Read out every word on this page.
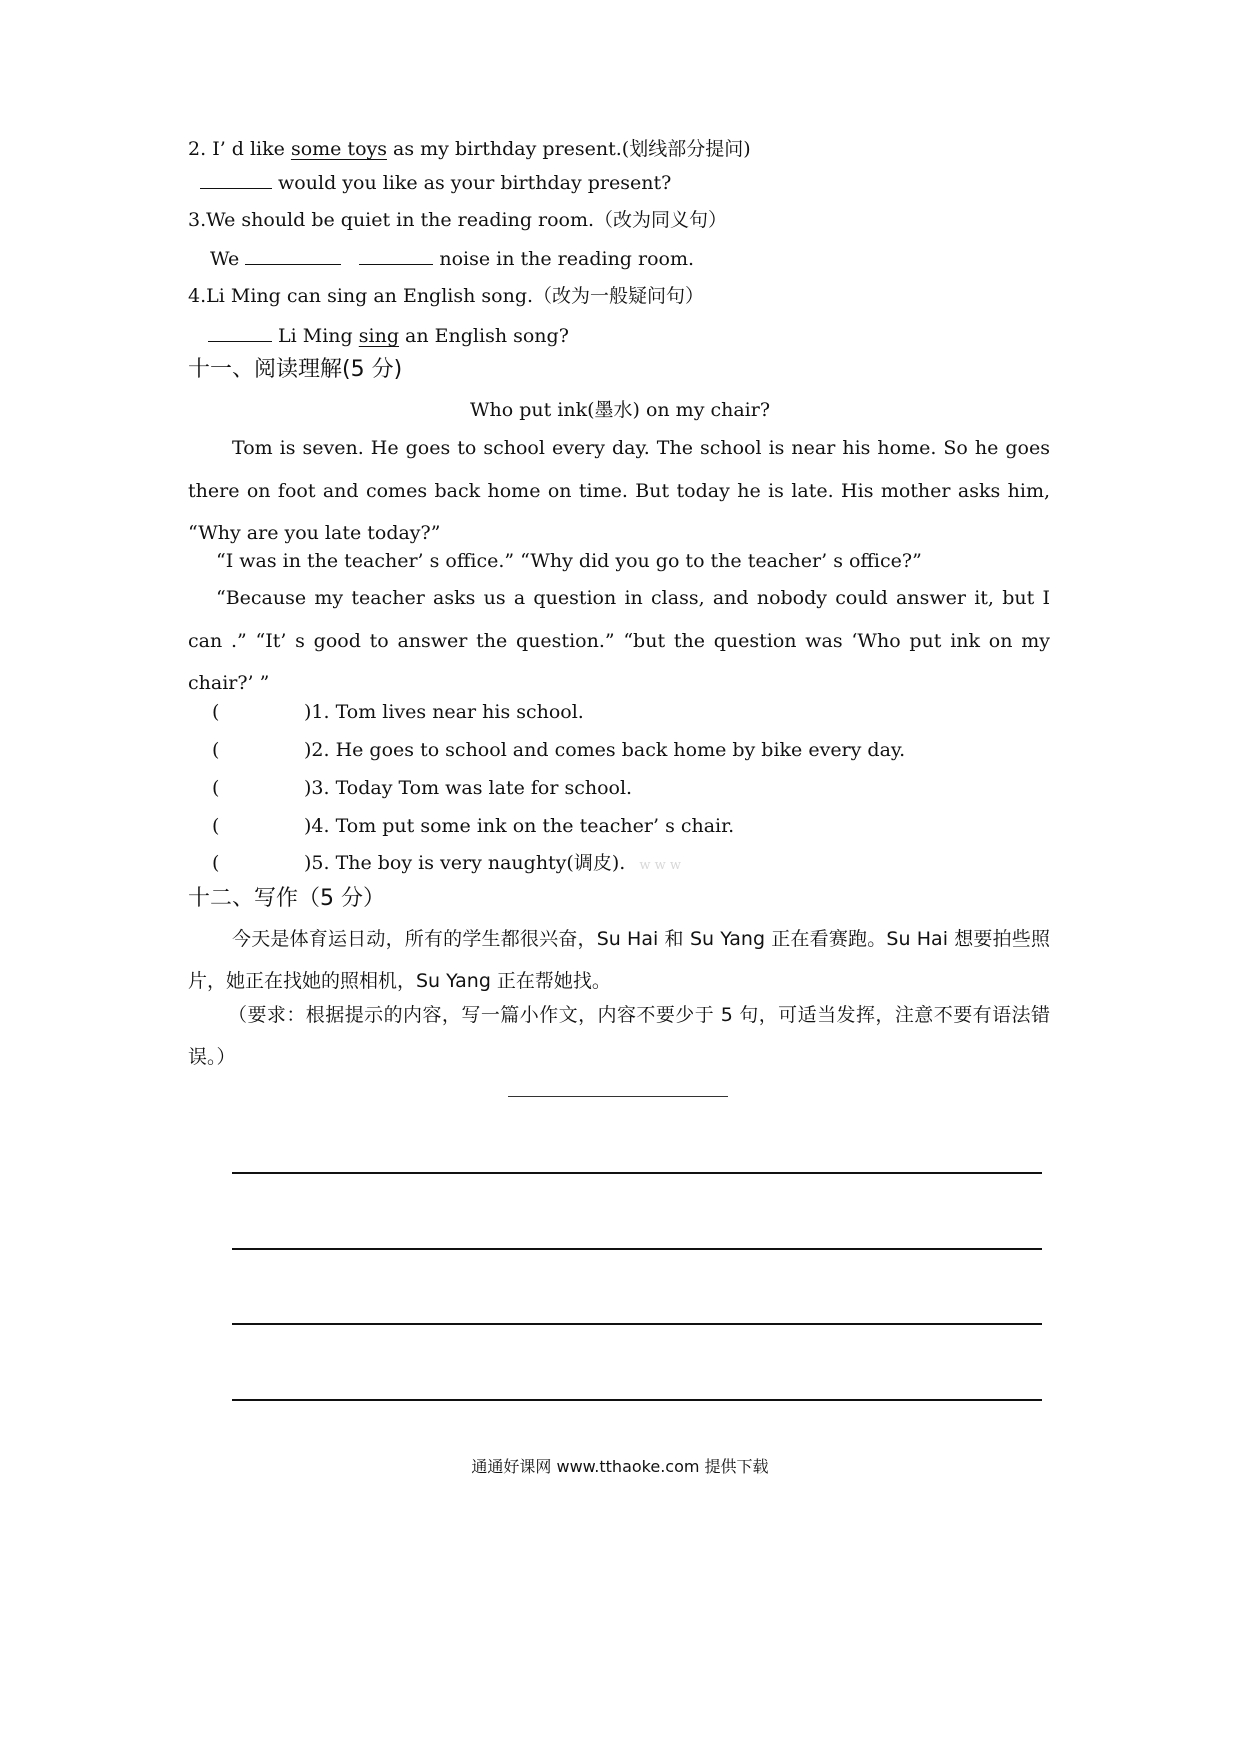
2. I’ d like some toys as my birthday present.(划线部分提问)
would you like as your birthday present?
3.We should be quiet in the reading room.（改为同义句）
We	noise in the reading room.
4.Li Ming can sing an English song.（改为一般疑问句）
Li Ming sing an English song?
十一、阅读理解(5 分)
Who put ink(墨水) on my chair?
Tom is seven. He goes to school every day. The school is near his home. So he goes there on foot and comes back home on time. But today he is late. His mother asks him, “Why are you late today?”
“I was in the teacher’ s office.” “Why did you go to the teacher’ s office?”
“Because my teacher asks us a question in class, and nobody could answer it, but I can .” “It’ s good to answer the question.” “but the question was ‘Who put ink on my chair?’ ”
(	)1. Tom lives near his school.
(	)2. He goes to school and comes back home by bike every day.
(	)3. Today Tom was late for school.
(	)4. Tom put some ink on the teacher’ s chair.
(	)5. The boy is very naughty(调皮). w w w
十二、写作（5 分）
今天是体育运日动，所有的学生都很兴奋，Su Hai 和 Su Yang 正在看赛跑。Su Hai 想要拍些照片，她正在找她的照相机，Su Yang 正在帮她找。
（要求：根据提示的内容，写一篇小作文，内容不要少于 5 句，可适当发挥，注意不要有语法错误。）
通通好课网 www.tthaoke.com 提供下载
